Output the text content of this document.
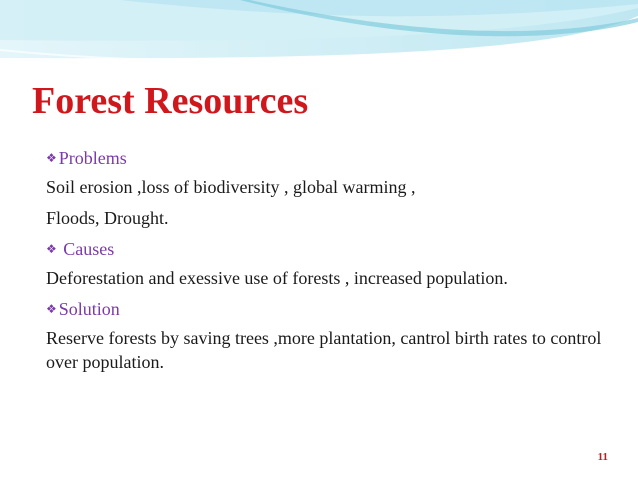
Forest Resources
❖ Problems

Soil erosion ,loss of biodiversity , global warming ,

Floods, Drought.

❖ Causes

Deforestation and exessive use of forests , increased population.

❖ Solution

Reserve forests by saving trees ,more plantation, cantrol birth rates to control over population.

11
